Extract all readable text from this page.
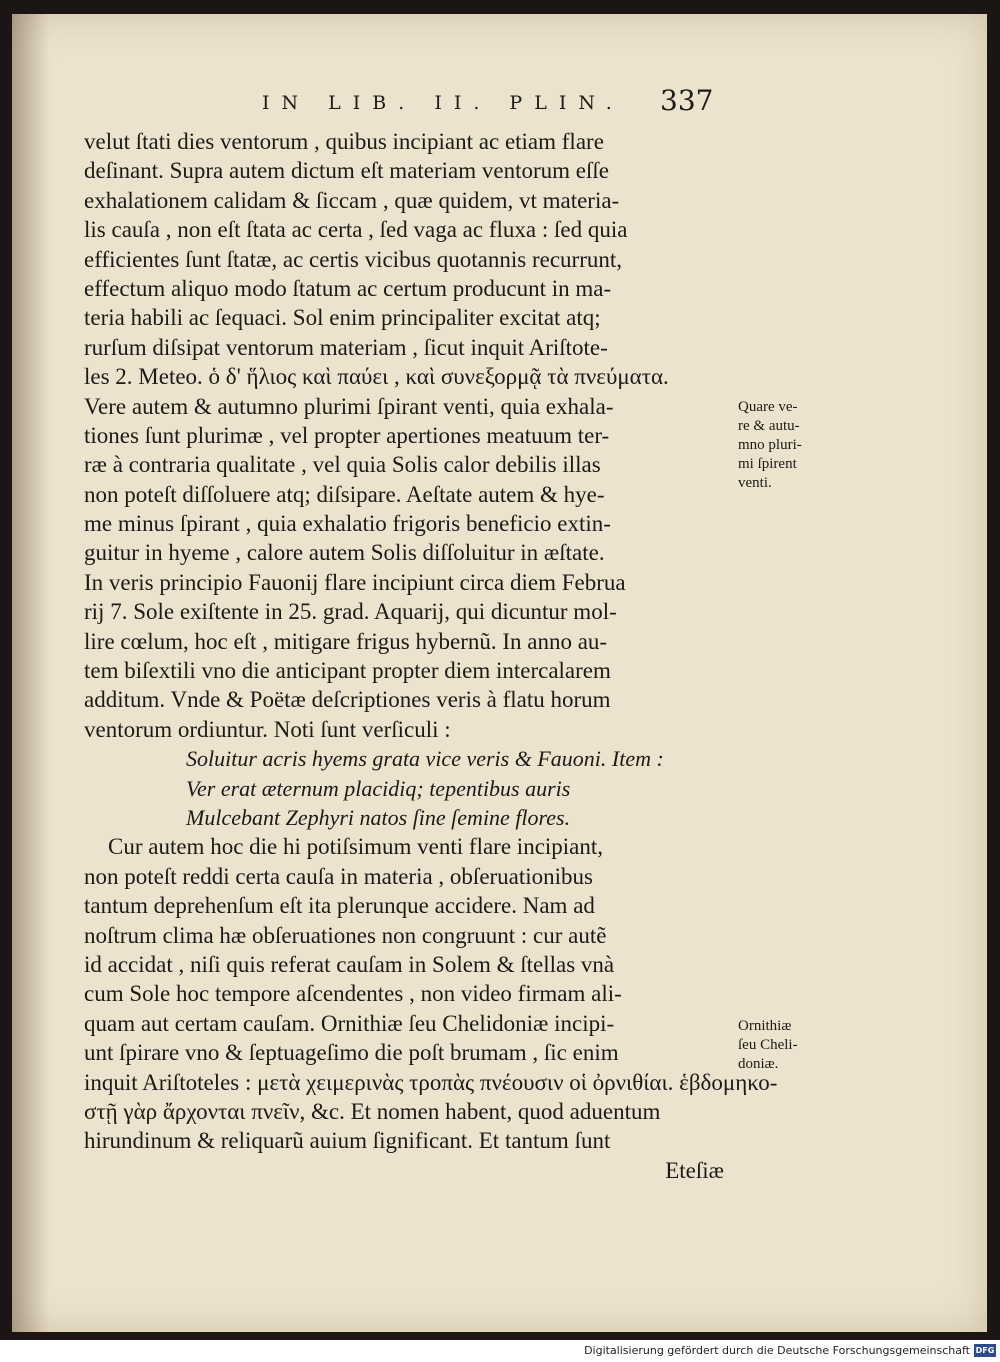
IN LIB. II. PLIN. 337
velut ſtati dies ventorum , quibus incipiant ac etiam flare
deſinant. Supra autem dictum eſt materiam ventorum eſſe
exhalationem calidam & ſiccam , quæ quidem, vt materia-
lis cauſa , non eſt ſtata ac certa , ſed vaga ac fluxa : ſed quia
efficientes ſunt ſtatæ, ac certis vicibus quotannis recurrunt,
effectum aliquo modo ſtatum ac certum producunt in ma-
teria habili ac ſequaci. Sol enim principaliter excitat atq;
rurſum diſsipat ventorum materiam , ſicut inquit Ariſtote-
les 2. Meteo. ὁ δ' ἥλιος καὶ παύει , καὶ συνεξορμᾷ τὰ πνεύματα.
Vere autem & autumno plurimi ſpirant venti, quia exhala-
tiones ſunt plurimæ , vel propter apertiones meatuum ter-
ræ à contraria qualitate , vel quia Solis calor debilis illas
non poteſt diſſoluere atq; diſsipare. Aeſtate autem & hye-
me minus ſpirant , quia exhalatio frigoris beneficio extin-
guitur in hyeme , calore autem Solis diſſoluitur in æſtate.
In veris principio Fauonij flare incipiunt circa diem Februa
rij 7. Sole exiſtente in 25. grad. Aquarij, qui dicuntur mol-
lire cœlum, hoc eſt , mitigare frigus hybernũ. In anno au-
tem biſextili vno die anticipant propter diem intercalarem
additum. Vnde & Poëtæ deſcriptiones veris à flatu horum
ventorum ordiuntur. Noti ſunt verſiculi :
Soluitur acris hyems grata vice veris & Fauoni. Item :
Ver erat æternum placidiq; tepentibus auris
Mulcebant Zephyri natos ſine ſemine flores.
Cur autem hoc die hi potiſsimum venti flare incipiant,
non poteſt reddi certa cauſa in materia , obſeruationibus
tantum deprehenſum eſt ita plerunque accidere. Nam ad
noſtrum clima hæ obſeruationes non congruunt : cur autẽ
id accidat , niſi quis referat cauſam in Solem & ſtellas vnà
cum Sole hoc tempore aſcendentes , non video firmam ali-
quam aut certam cauſam. Ornithiæ ſeu Chelidoniæ incipi-
unt ſpirare vno & ſeptuageſimo die poſt brumam , ſic enim
inquit Ariſtoteles : μετὰ χειμερινὰς τροπὰς πνέουσιν οἱ ὀρνιθίαι. ἑβδομηκο-
στῇ γὰρ ἄρχονται πνεῖν, &c. Et nomen habent, quod aduentum
hirundinum & reliquarũ auium ſignificant. Et tantum ſunt
Eteſiæ
Quare ve-
re & autu-
mno pluri-
mi ſpirent
venti.
Ornithiæ
ſeu Cheli-
doniæ.
Digitalisierung gefördert durch die Deutsche Forschungsgemeinschaft DFG
